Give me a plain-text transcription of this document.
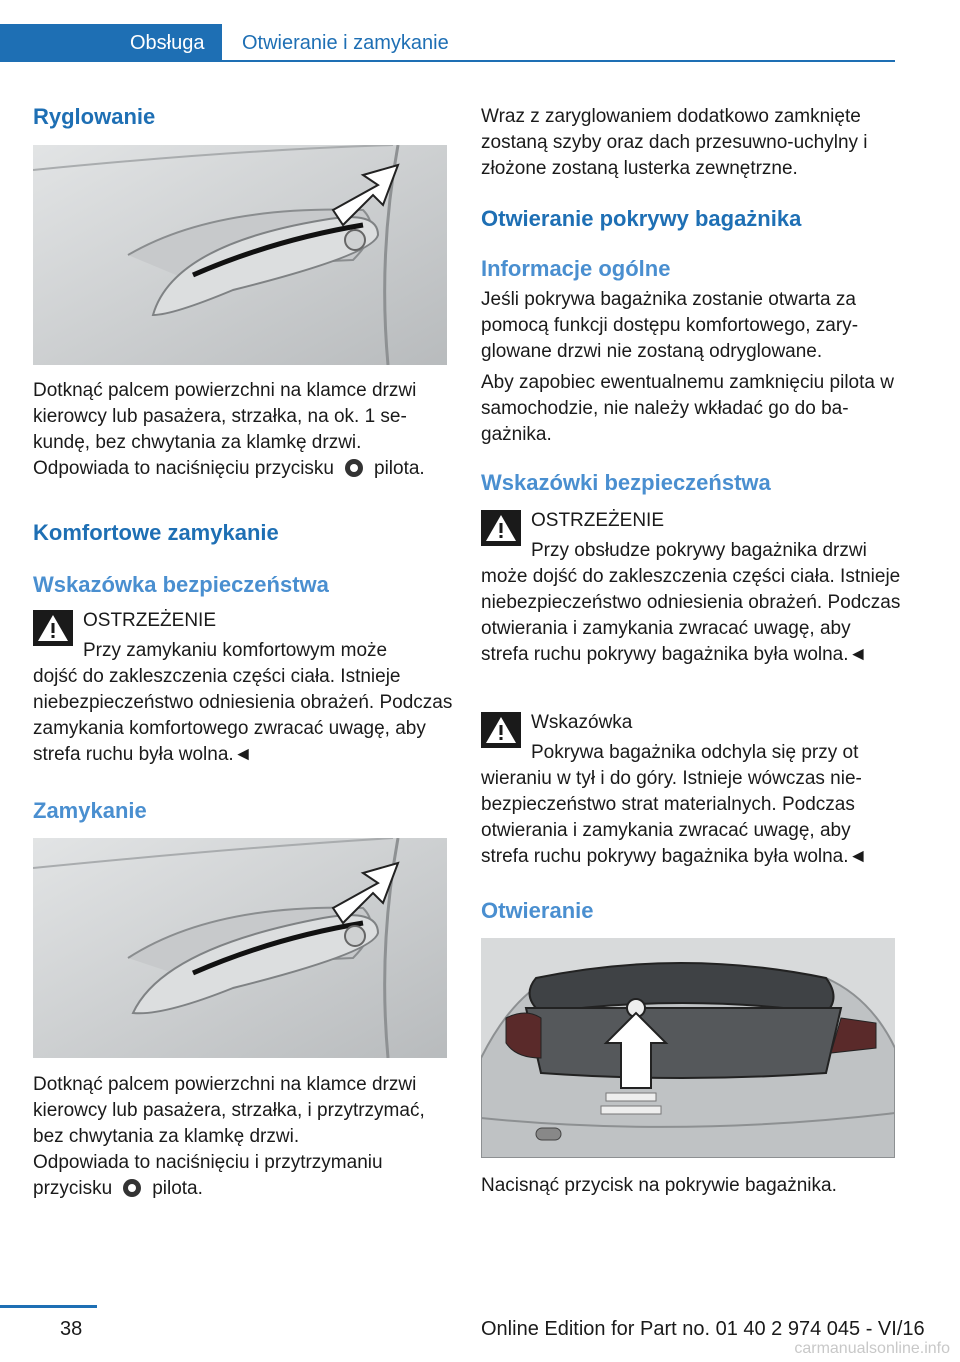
Obsługa	Otwieranie i zamykanie
Ryglowanie

Dotknąć palcem powierzchni na klamce drzwi kierowcy lub pasażera, strzałka, na ok. 1 sekundę, bez chwytania za klamkę drzwi.

Odpowiada to naciśnięciu przycisku pilota.

Komfortowe zamykanie
Wskazówka bezpieczeństwa

OSTRZEŻENIE

Przy zamykaniu komfortowym może

dojść do zakleszczenia części ciała. Istnieje niebezpieczeństwo odniesienia obrażeń. Podczas zamykania komfortowego zwracać uwagę, aby strefa ruchu była wolna.◄

Zamykanie

Dotknąć palcem powierzchni na klamce drzwi kierowcy lub pasażera, strzałka, i przytrzymać, bez chwytania za klamkę drzwi.

Odpowiada to naciśnięciu i przytrzymaniu przycisku pilota.

Wraz z zaryglowaniem dodatkowo zamknięte zostaną szyby oraz dach przesuwno-uchylny i złożone zostaną lusterka zewnętrzne.

Otwieranie pokrywy bagażnika
Informacje ogólne

Jeśli pokrywa bagażnika zostanie otwarta za pomocą funkcji dostępu komfortowego, zaryglowane drzwi nie zostaną odryglowane.

Aby zapobiec ewentualnemu zamknięciu pilota w samochodzie, nie należy wkładać go do bagażnika.

Wskazówki bezpieczeństwa

OSTRZEŻENIE

Przy obsłudze pokrywy bagażnika drzwi

może dojść do zakleszczenia części ciała. Istnieje niebezpieczeństwo odniesienia obrażeń. Podczas otwierania i zamykania zwracać uwagę, aby strefa ruchu pokrywy bagażnika była wolna.◄

Wskazówka

Pokrywa bagażnika odchyla się przy ot

wieraniu w tył i do góry. Istnieje wówczas niebezpieczeństwo strat materialnych. Podczas otwierania i zamykania zwracać uwagę, aby strefa ruchu pokrywy bagażnika była wolna.◄

Otwieranie

Nacisnąć przycisk na pokrywie bagażnika.

38	Online Edition for Part no. 01 40 2 974 045 - VI/16
carmanualsonline.info
